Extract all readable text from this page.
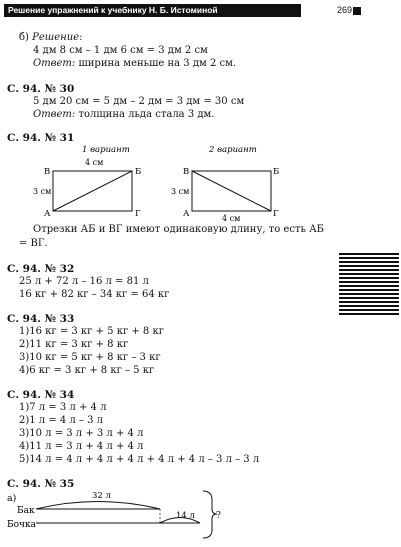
Решение упражнений к учебнику Н. Б. Истоминой	269
б) Решение:
4 дм 8 см – 1 дм 6 см = 3 дм 2 см
Ответ: ширина меньше на 3 дм 2 см.
С. 94. № 30
5 дм 20 см = 5 дм – 2 дм = 3 дм = 30 см
Ответ: толщина льда стала 3 дм.
С. 94. № 31
1 вариант	2 вариант
4 см
3 см
В	Б
А	Г	4 см
3 см
В	Б
А	Г
32 л
14 л ?
Бак
Бочка
а)
Отрезки АБ и ВГ имеют одинаковую длину, то есть АБ
= ВГ.
С. 94. № 32
25 л + 72 л – 16 л = 81 л
16 кг + 82 кг – 34 кг = 64 кг
С. 94. № 33
1)16 кг = 3 кг + 5 кг + 8 кг
2)11 кг = 3 кг + 8 кг
3)10 кг = 5 кг + 8 кг – 3 кг
4)6 кг = 3 кг + 8 кг – 5 кг
С. 94. № 34
1)7 л = 3 л + 4 л
2)1 л = 4 л – 3 л
3)10 л = 3 л + 3 л + 4 л
4)11 л = 3 л + 4 л + 4 л
5)14 л = 4 л + 4 л + 4 л + 4 л + 4 л – 3 л – 3 л
С. 94. № 35
